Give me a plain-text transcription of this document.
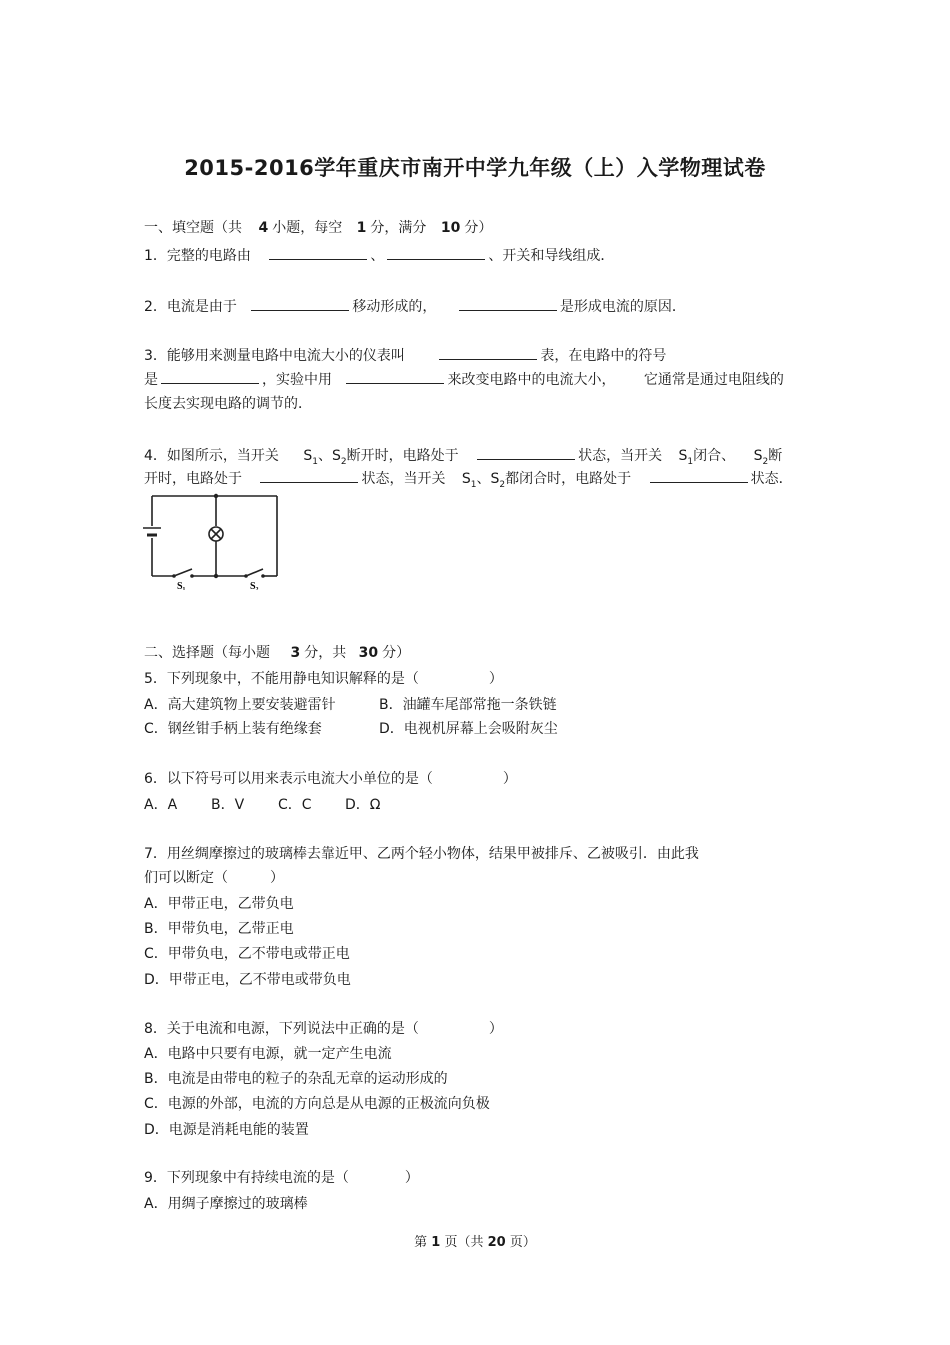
2015-2016学年重庆市南开中学九年级（上）入学物理试卷
一、填空题（共 4 小题，每空 1 分，满分 10 分）
1．完整的电路由	、	、开关和导线组成．
2．电流是由于	移动形成的，	是形成电流的原因．
3．能够用来测量电路中电流大小的仪表叫	表，在电路中的符号
是	，实验中用	来改变电路中的电流大小， 它通常是通过电阻线的
长度去实现电路的调节的．
4．如图所示，当开关 $S_1$、$S_2$断开时，电路处于	状态，当开关 $S_1$闭合、 $S_2$断
开时，电路处于	状态，当开关 $S_1$、$S_2$都闭合时，电路处于	状态．
S₁	S₂
二、选择题（每小题 3 分，共 30 分）
5．下列现象中，不能用静电知识解释的是（　　　　　）
A．高大建筑物上要安装避雷针	B．油罐车尾部常拖一条铁链
C．钢丝钳手柄上装有绝缘套	D．电视机屏幕上会吸附灰尘
6．以下符号可以用来表示电流大小单位的是（　　　　　）
A．A B．V C．C D．Ω
7．用丝绸摩擦过的玻璃棒去靠近甲、乙两个轻小物体，结果甲被排斥、乙被吸引．由此我
们可以断定（　　　）
A．甲带正电，乙带负电
B．甲带负电，乙带正电
C．甲带负电，乙不带电或带正电
D．甲带正电，乙不带电或带负电
8．关于电流和电源，下列说法中正确的是（　　　　　）
A．电路中只要有电源，就一定产生电流
B．电流是由带电的粒子的杂乱无章的运动形成的
C．电源的外部，电流的方向总是从电源的正极流向负极
D．电源是消耗电能的装置
9．下列现象中有持续电流的是（　　　　）
A．用绸子摩擦过的玻璃棒
第 1 页（共 20 页）
